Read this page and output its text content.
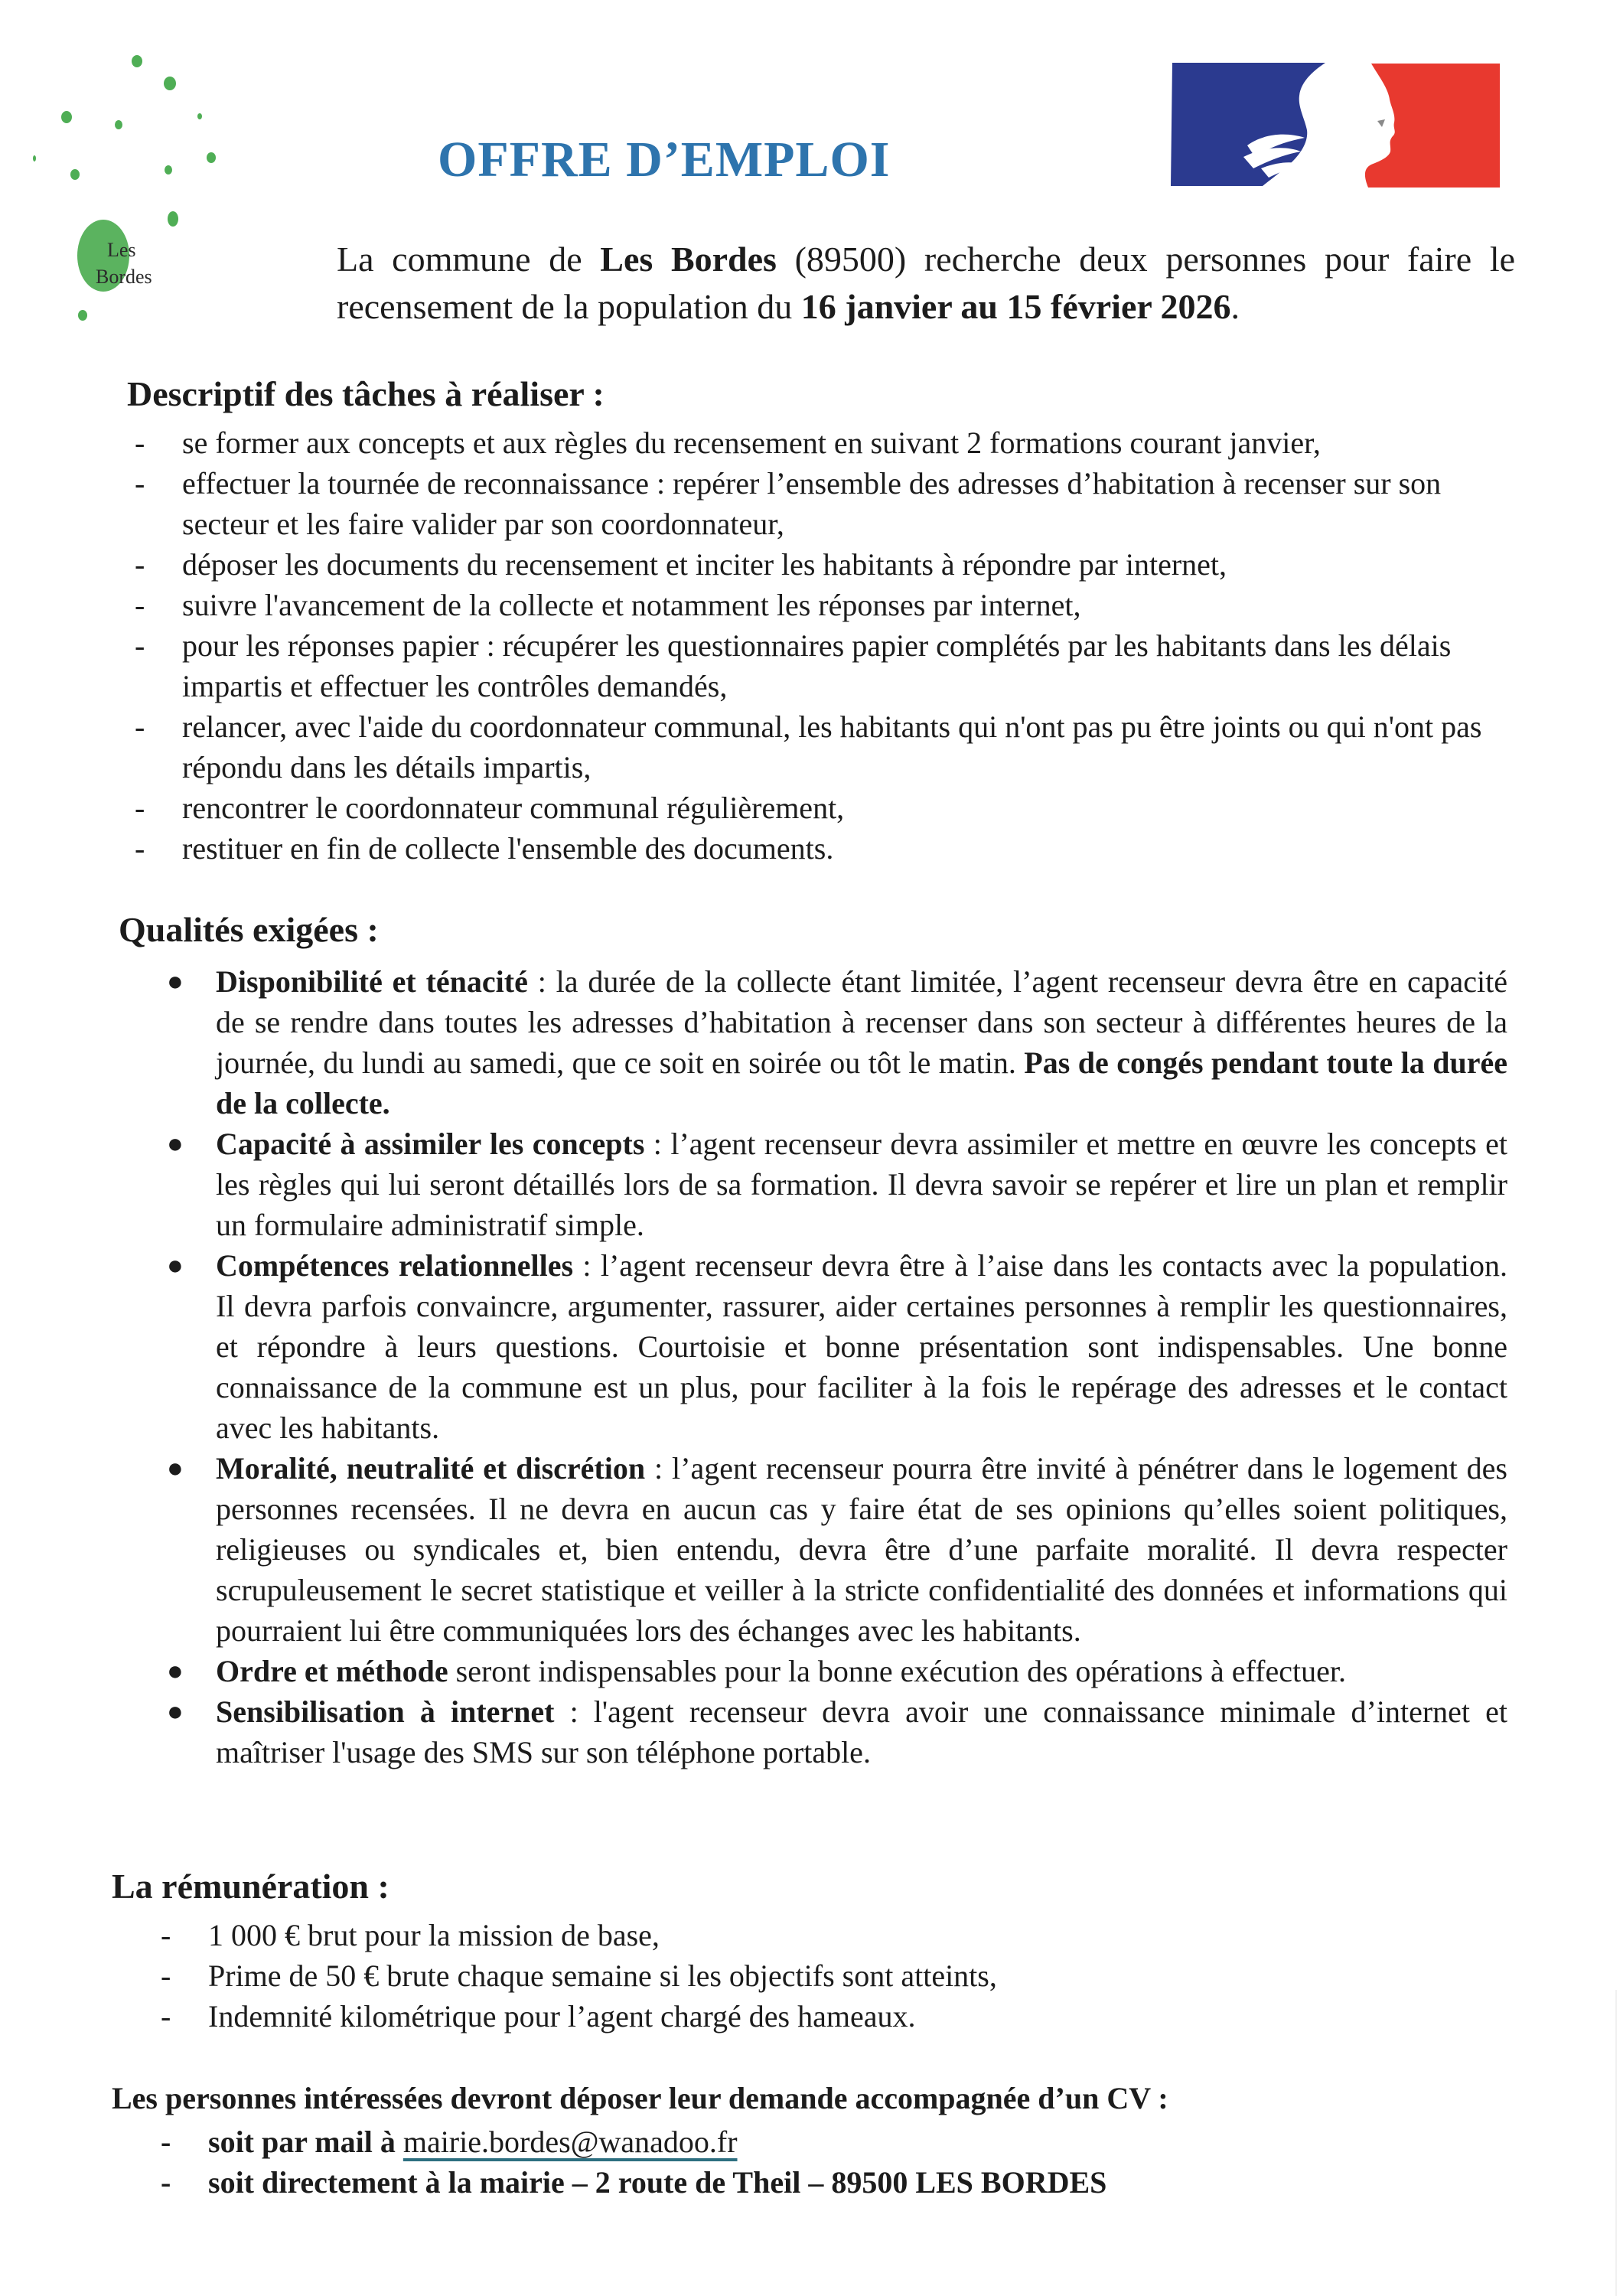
Les
Bordes
OFFRE D’EMPLOI

La commune de Les Bordes (89500) recherche deux personnes pour faire le recensement de la population du 16 janvier au 15 février 2026.

Descriptif des tâches à réaliser :
- se former aux concepts et aux règles du recensement en suivant 2 formations courant janvier,
- effectuer la tournée de reconnaissance : repérer l’ensemble des adresses d’habitation à recenser sur son secteur et les faire valider par son coordonnateur,
- déposer les documents du recensement et inciter les habitants à répondre par internet,
- suivre l'avancement de la collecte et notamment les réponses par internet,
- pour les réponses papier : récupérer les questionnaires papier complétés par les habitants dans les délais impartis et effectuer les contrôles demandés,
- relancer, avec l'aide du coordonnateur communal, les habitants qui n'ont pas pu être joints ou qui n'ont pas répondu dans les détails impartis,
- rencontrer le coordonnateur communal régulièrement,
- restituer en fin de collecte l'ensemble des documents.
Qualités exigées :
● Disponibilité et ténacité : la durée de la collecte étant limitée, l’agent recenseur devra être en capacité de se rendre dans toutes les adresses d’habitation à recenser dans son secteur à différentes heures de la journée, du lundi au samedi, que ce soit en soirée ou tôt le matin. Pas de congés pendant toute la durée de la collecte.
● Capacité à assimiler les concepts : l’agent recenseur devra assimiler et mettre en œuvre les concepts et les règles qui lui seront détaillés lors de sa formation. Il devra savoir se repérer et lire un plan et remplir un formulaire administratif simple.
● Compétences relationnelles : l’agent recenseur devra être à l’aise dans les contacts avec la population. Il devra parfois convaincre, argumenter, rassurer, aider certaines personnes à remplir les questionnaires, et répondre à leurs questions. Courtoisie et bonne présentation sont indispensables. Une bonne connaissance de la commune est un plus, pour faciliter à la fois le repérage des adresses et le contact avec les habitants.
● Moralité, neutralité et discrétion : l’agent recenseur pourra être invité à pénétrer dans le logement des personnes recensées. Il ne devra en aucun cas y faire état de ses opinions qu’elles soient politiques, religieuses ou syndicales et, bien entendu, devra être d’une parfaite moralité. Il devra respecter scrupuleusement le secret statistique et veiller à la stricte confidentialité des données et informations qui pourraient lui être communiquées lors des échanges avec les habitants.
● Ordre et méthode seront indispensables pour la bonne exécution des opérations à effectuer.
● Sensibilisation à internet : l'agent recenseur devra avoir une connaissance minimale d’internet et maîtriser l'usage des SMS sur son téléphone portable.
La rémunération :
- 1 000 € brut pour la mission de base,
- Prime de 50 € brute chaque semaine si les objectifs sont atteints,
- Indemnité kilométrique pour l’agent chargé des hameaux.
Les personnes intéressées devront déposer leur demande accompagnée d’un CV :
- soit par mail à mairie.bordes@wanadoo.fr
- soit directement à la mairie – 2 route de Theil – 89500 LES BORDES
